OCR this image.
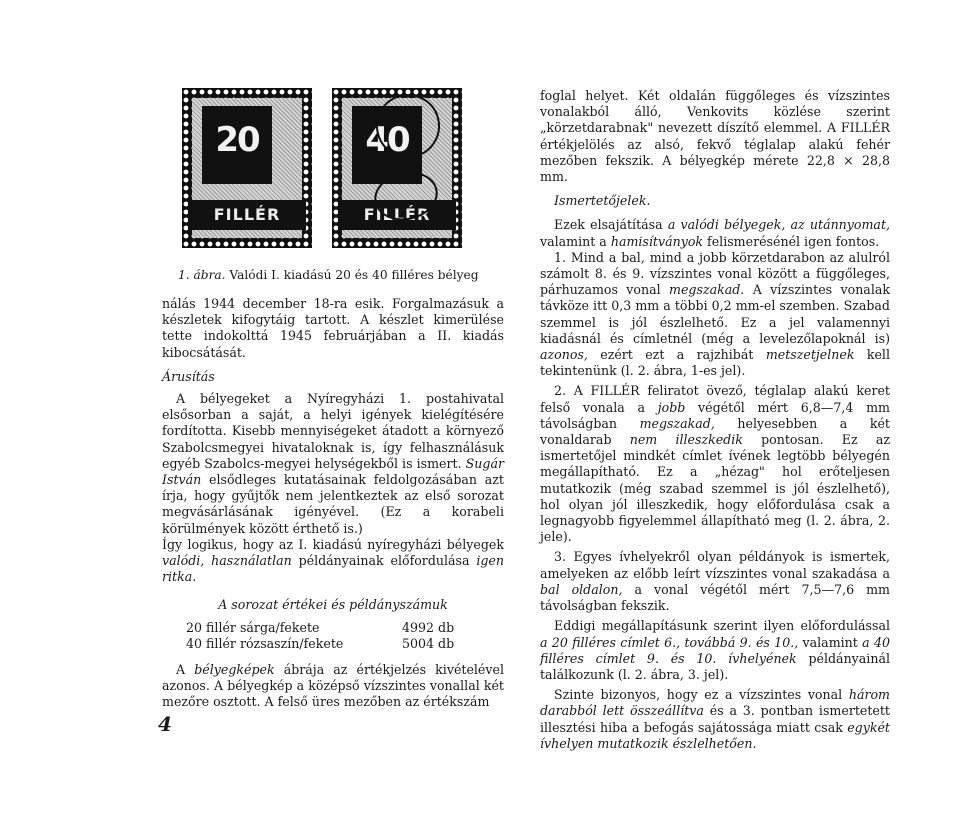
20
FILLÉR
40
FILLÉR
1. ábra. Valódi I. kiadású 20 és 40 filléres bélyeg

nálás 1944 december 18-ra esik. Forgalmazásuk a készletek kifogytáig tartott. A készlet kimerülése tette indokolttá 1945 februárjában a II. kiadás kibocsátását.

Árusítás

A bélyegeket a Nyíregyházi 1. postahivatal elsősorban a saját, a helyi igények kielégítésére fordította. Kisebb mennyiségeket átadott a környező Szabolcsmegyei hivataloknak is, így felhasználásuk egyéb Szabolcs-megyei helységekből is ismert. Sugár István elsődleges kutatásainak feldolgozásában azt írja, hogy gyűjtők nem jelentkeztek az első sorozat megvásárlásának igényével. (Ez a korabeli körülmények között érthető is.)

Így logikus, hogy az I. kiadású nyíregyházi bélyegek valódi, használatlan példányainak előfordulása igen ritka.

A sorozat értékei és példányszámuk

20 fillér sárga/fekete	4992 db
40 fillér rózsaszín/fekete	5004 db

A bélyegképek ábrája az értékjelzés kivételével azonos. A bélyegkép a középső vízszintes vonallal két mezőre osztott. A felső üres mezőben az értékszám

foglal helyet. Két oldalán függőleges és vízszintes vonalakból álló, Venkovits közlése szerint „körzetdarabnak" nevezett díszítő elemmel. A FILLÉR értékjelölés az alsó, fekvő téglalap alakú fehér mezőben fekszik. A bélyegkép mérete 22,8 × 28,8 mm.

Ismertetőjelek.

Ezek elsajátítása a valódi bélyegek, az utánnyomat, valamint a hamisítványok felismerésénél igen fontos.

1. Mind a bal, mind a jobb körzetdarabon az alulról számolt 8. és 9. vízszintes vonal között a függőleges, párhuzamos vonal megszakad. A vízszintes vonalak távköze itt 0,3 mm a többi 0,2 mm-el szemben. Szabad szemmel is jól észlelhető. Ez a jel valamennyi kiadásnál és címletnél (még a levelezőlapoknál is) azonos, ezért ezt a rajzhibát metszetjelnek kell tekintenünk (l. 2. ábra, 1-es jel).

2. A FILLÉR feliratot övező, téglalap alakú keret felső vonala a jobb végétől mért 6,8—7,4 mm távolságban megszakad, helyesebben a két vonaldarab nem illeszkedik pontosan. Ez az ismertetőjel mindkét címlet ívének legtöbb bélyegén megállapítható. Ez a „hézag" hol erőteljesen mutatkozik (még szabad szemmel is jól észlelhető), hol olyan jól illeszkedik, hogy előfordulása csak a legnagyobb figyelemmel állapítható meg (l. 2. ábra, 2. jele).

3. Egyes ívhelyekről olyan példányok is ismertek, amelyeken az előbb leírt vízszintes vonal szakadása a bal oldalon, a vonal végétől mért 7,5—7,6 mm távolságban fekszik.

Eddigi megállapításunk szerint ilyen előfordulással a 20 filléres címlet 6., továbbá 9. és 10., valamint a 40 filléres címlet 9. és 10. ívhelyének példányainál találkozunk (l. 2. ábra, 3. jel).

Szinte bizonyos, hogy ez a vízszintes vonal három darabból lett összeállítva és a 3. pontban ismertetett illesztési hiba a befogás sajátossága miatt csak egykét ívhelyen mutatkozik észlelhetően.

4
